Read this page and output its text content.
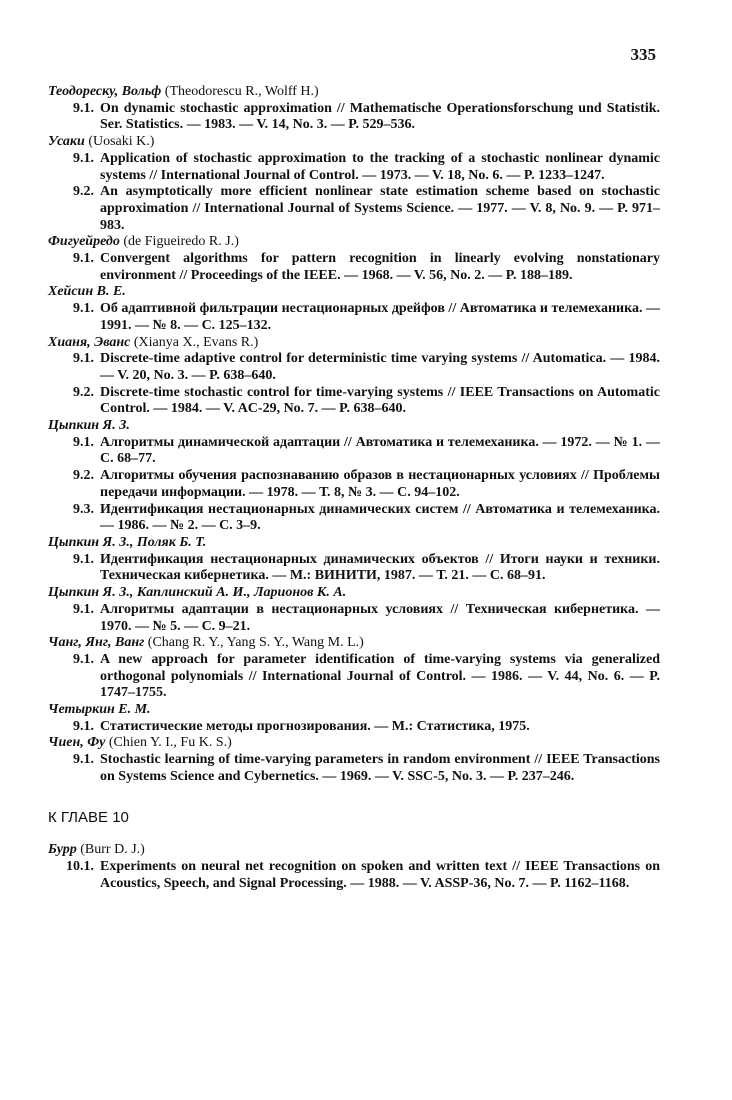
335
Теодореску, Вольф (Theodorescu R., Wolff H.)
9.1. On dynamic stochastic approximation // Mathematische Operationsforschung und Statistik. Ser. Statistics. — 1983. — V. 14, No. 3. — P. 529–536.
Усаки (Uosaki K.)
9.1. Application of stochastic approximation to the tracking of a stochastic nonlinear dynamic systems // International Journal of Control. — 1973. — V. 18, No. 6. — P. 1233–1247.
9.2. An asymptotically more efficient nonlinear state estimation scheme based on stochastic approximation // International Journal of Systems Science. — 1977. — V. 8, No. 9. — P. 971–983.
Фигуейредо (de Figueiredo R. J.)
9.1. Convergent algorithms for pattern recognition in linearly evolving nonstationary environment // Proceedings of the IEEE. — 1968. — V. 56, No. 2. — P. 188–189.
Хейсин В. Е.
9.1. Об адаптивной фильтрации нестационарных дрейфов // Автоматика и телемеханика. — 1991. — № 8. — С. 125–132.
Хианя, Эванс (Xianya X., Evans R.)
9.1. Discrete-time adaptive control for deterministic time varying systems // Automatica. — 1984. — V. 20, No. 3. — P. 638–640.
9.2. Discrete-time stochastic control for time-varying systems // IEEE Transactions on Automatic Control. — 1984. — V. AC-29, No. 7. — P. 638–640.
Цыпкин Я. З.
9.1. Алгоритмы динамической адаптации // Автоматика и телемеханика. — 1972. — № 1. — С. 68–77.
9.2. Алгоритмы обучения распознаванию образов в нестационарных условиях // Проблемы передачи информации. — 1978. — Т. 8, № 3. — С. 94–102.
9.3. Идентификация нестационарных динамических систем // Автоматика и телемеханика. — 1986. — № 2. — С. 3–9.
Цыпкин Я. З., Поляк Б. Т.
9.1. Идентификация нестационарных динамических объектов // Итоги науки и техники. Техническая кибернетика. — М.: ВИНИТИ, 1987. — Т. 21. — С. 68–91.
Цыпкин Я. З., Каплинский А. И., Ларионов К. А.
9.1. Алгоритмы адаптации в нестационарных условиях // Техническая кибернетика. — 1970. — № 5. — С. 9–21.
Чанг, Янг, Ванг (Chang R. Y., Yang S. Y., Wang M. L.)
9.1. A new approach for parameter identification of time-varying systems via generalized orthogonal polynomials // International Journal of Control. — 1986. — V. 44, No. 6. — P. 1747–1755.
Четыркин Е. М.
9.1. Статистические методы прогнозирования. — М.: Статистика, 1975.
Чиен, Фу (Chien Y. I., Fu K. S.)
9.1. Stochastic learning of time-varying parameters in random environment // IEEE Transactions on Systems Science and Cybernetics. — 1969. — V. SSC-5, No. 3. — P. 237–246.
К ГЛАВЕ 10
Бурр (Burr D. J.)
10.1. Experiments on neural net recognition on spoken and written text // IEEE Transactions on Acoustics, Speech, and Signal Processing. — 1988. — V. ASSP-36, No. 7. — P. 1162–1168.
